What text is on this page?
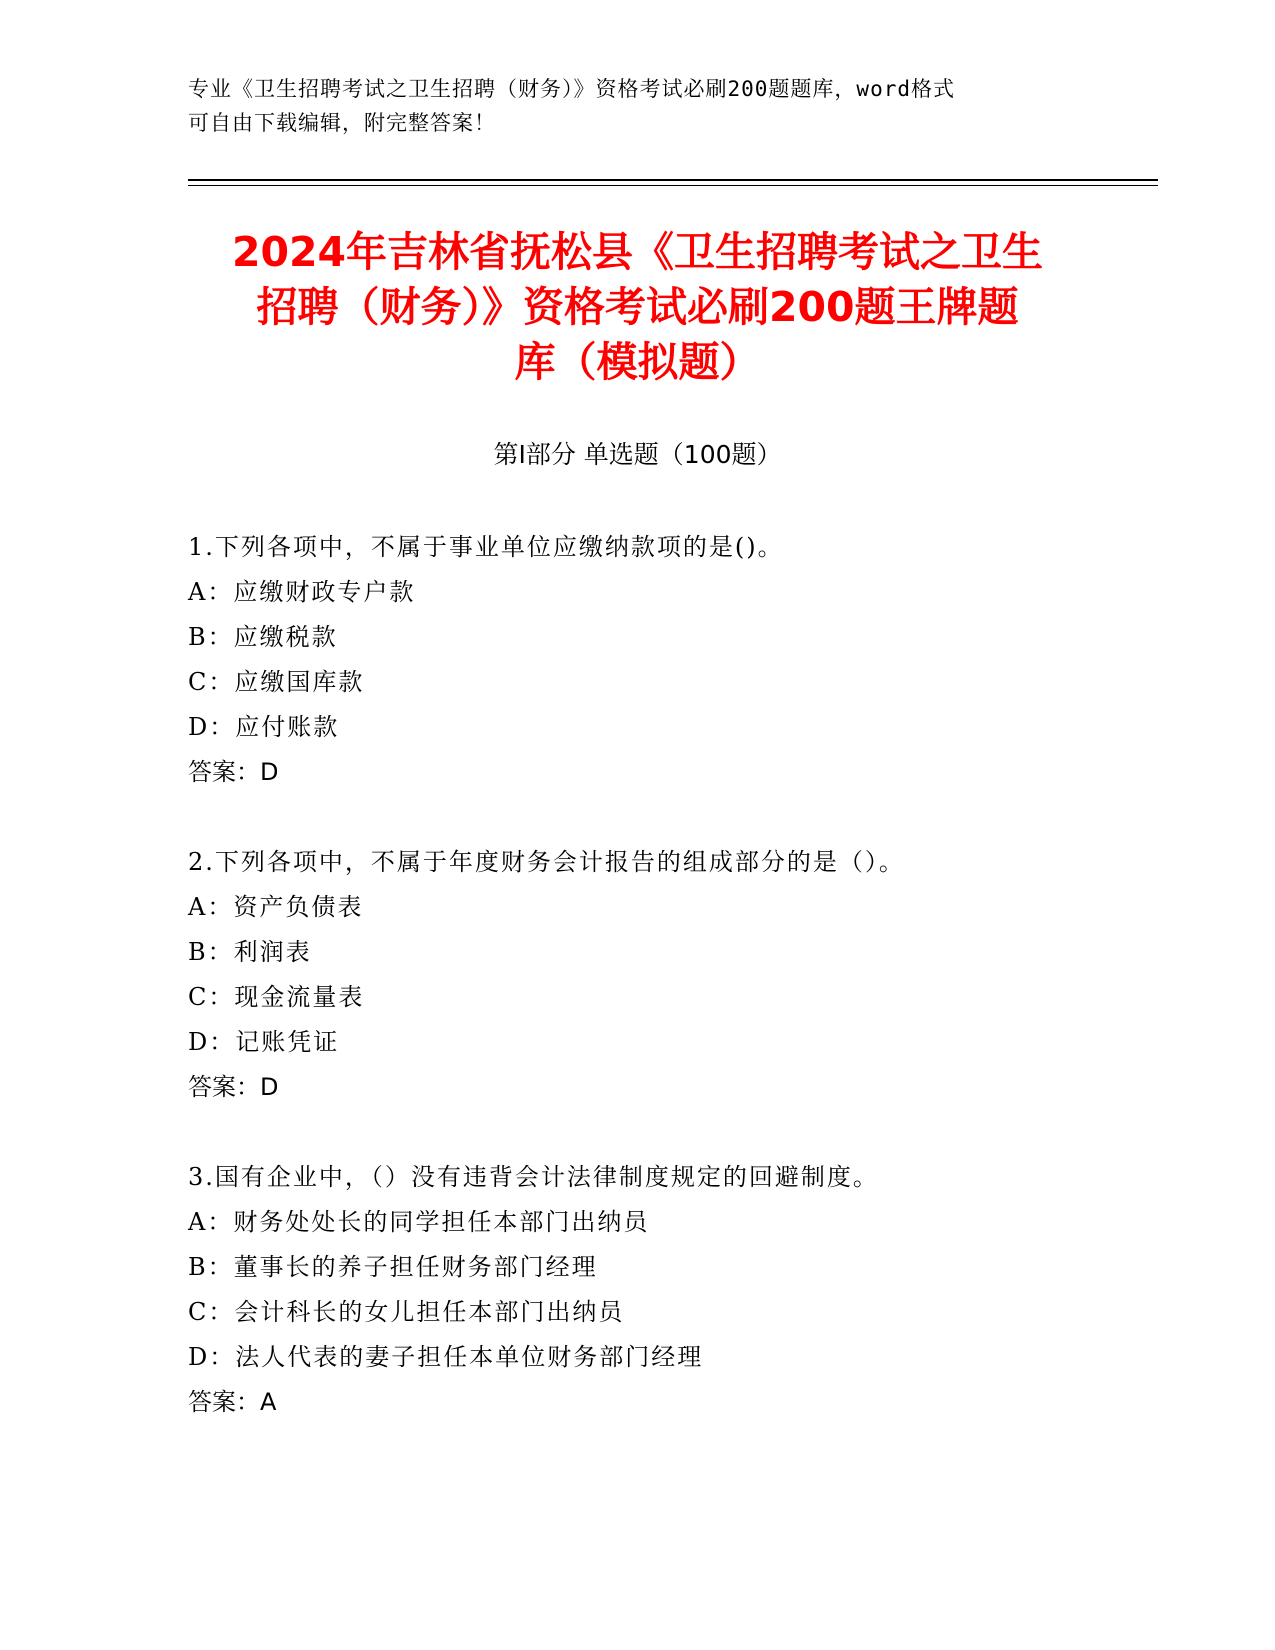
专业《卫生招聘考试之卫生招聘（财务）》资格考试必刷200题题库，word格式
可自由下载编辑，附完整答案！
2024年吉林省抚松县《卫生招聘考试之卫生
招聘（财务）》资格考试必刷200题王牌题
库（模拟题）
第Ⅰ部分 单选题（100题）
1.下列各项中，不属于事业单位应缴纳款项的是()。
A：应缴财政专户款
B：应缴税款
C：应缴国库款
D：应付账款
答案：D
2.下列各项中，不属于年度财务会计报告的组成部分的是（）。
A：资产负债表
B：利润表
C：现金流量表
D：记账凭证
答案：D
3.国有企业中，（）没有违背会计法律制度规定的回避制度。
A：财务处处长的同学担任本部门出纳员
B：董事长的养子担任财务部门经理
C：会计科长的女儿担任本部门出纳员
D：法人代表的妻子担任本单位财务部门经理
答案：A
